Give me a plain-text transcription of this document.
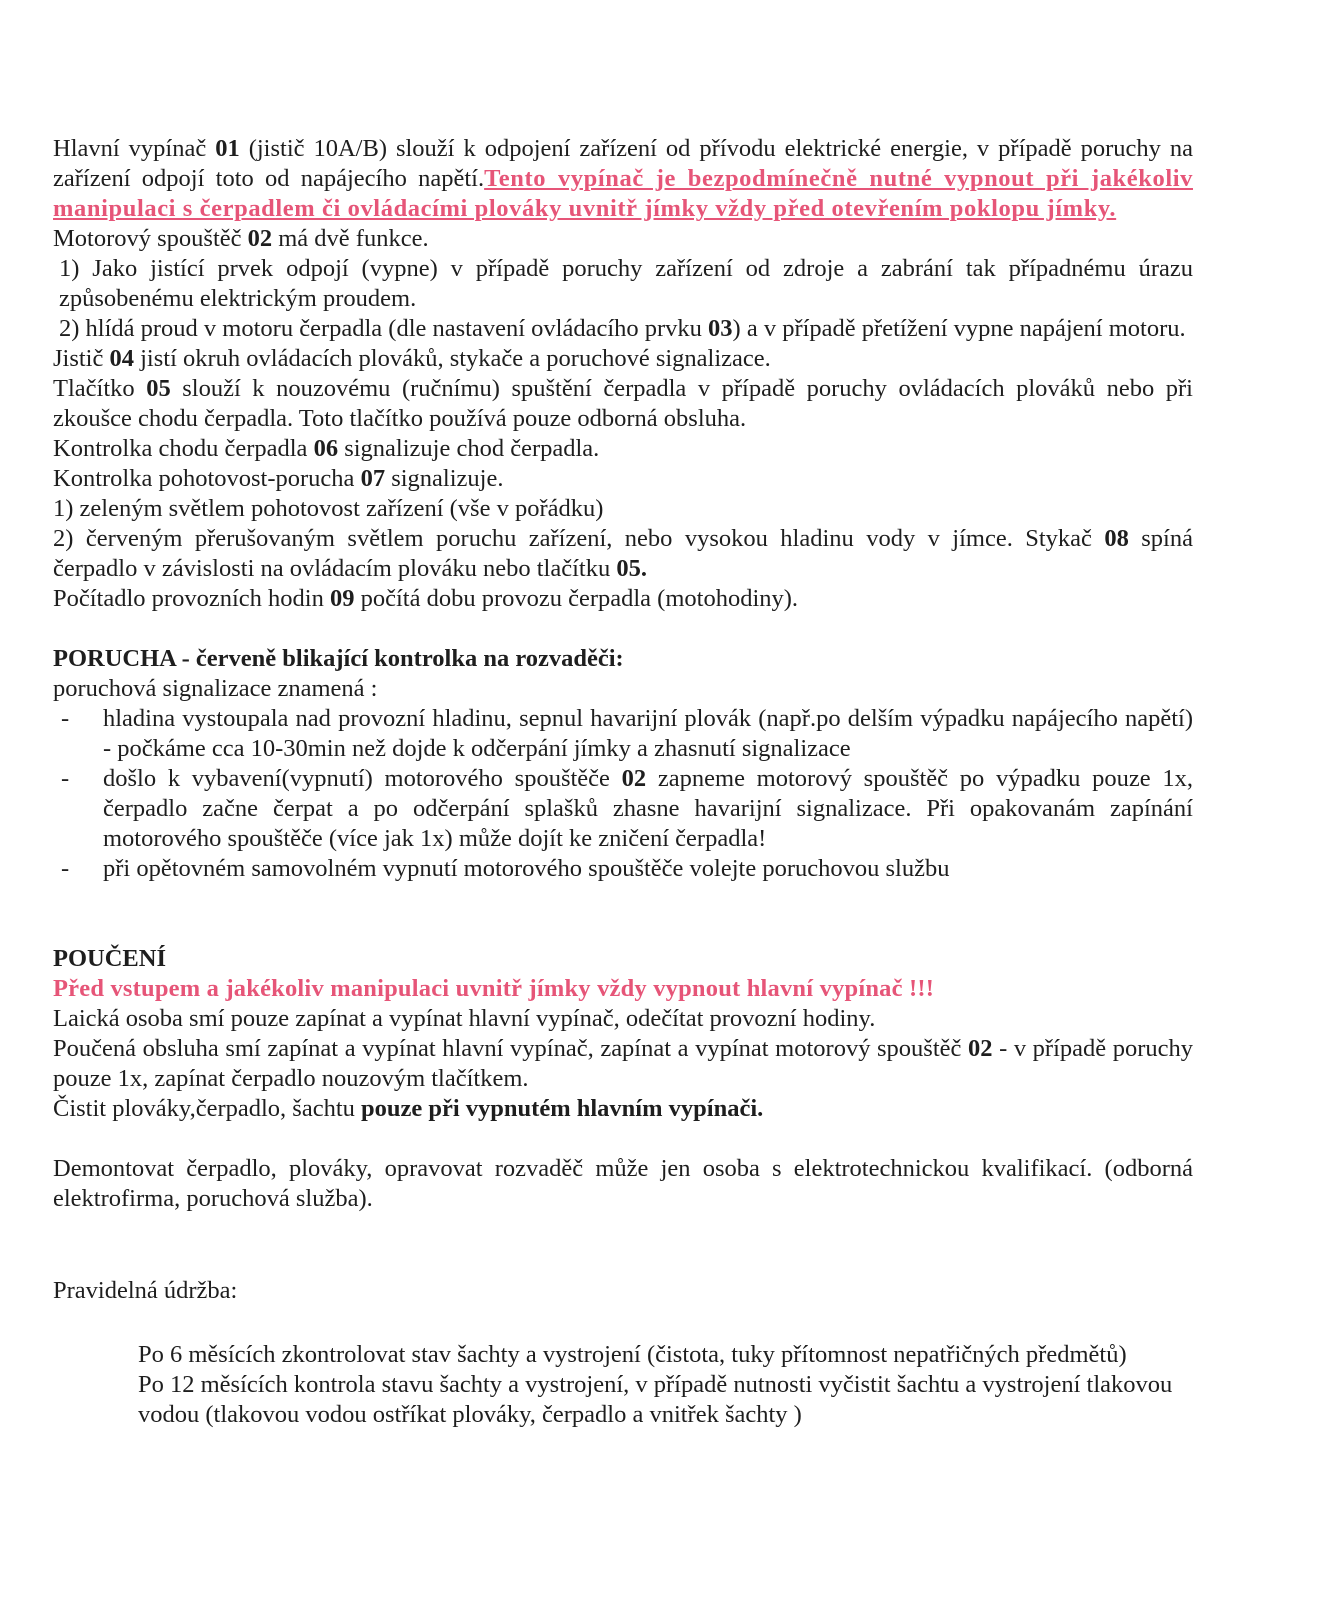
Hlavní vypínač 01 (jistič 10A/B) slouží k odpojení zařízení od přívodu elektrické energie, v případě poruchy na zařízení odpojí toto od napájecího napětí.Tento vypínač je bezpodmínečně nutné vypnout při jakékoliv manipulaci s čerpadlem či ovládacími plováky uvnitř jímky vždy před otevřením poklopu jímky.

Motorový spouštěč 02 má dvě funkce.

1) Jako jistící prvek odpojí (vypne) v případě poruchy zařízení od zdroje a zabrání tak případnému úrazu způsobenému elektrickým proudem.

2) hlídá proud v motoru čerpadla (dle nastavení ovládacího prvku 03) a v případě přetížení vypne napájení motoru.

Jistič 04 jistí okruh ovládacích plováků, stykače a poruchové signalizace.

Tlačítko 05 slouží k nouzovému (ručnímu) spuštění čerpadla v případě poruchy ovládacích plováků nebo při zkoušce chodu čerpadla. Toto tlačítko používá pouze odborná obsluha.

Kontrolka chodu čerpadla 06 signalizuje chod čerpadla.

Kontrolka pohotovost-porucha 07 signalizuje.

1) zeleným světlem pohotovost zařízení (vše v pořádku)

2) červeným přerušovaným světlem poruchu zařízení, nebo vysokou hladinu vody v jímce. Stykač 08 spíná čerpadlo v závislosti na ovládacím plováku nebo tlačítku 05.

Počítadlo provozních hodin 09 počítá dobu provozu čerpadla (motohodiny).

PORUCHA - červeně blikající kontrolka na rozvaděči:

poruchová signalizace znamená :

- hladina vystoupala nad provozní hladinu, sepnul havarijní plovák (např.po delším výpadku napájecího napětí) - počkáme cca 10-30min než dojde k odčerpání jímky a zhasnutí signalizace
- došlo k vybavení(vypnutí) motorového spouštěče 02 zapneme motorový spouštěč po výpadku pouze 1x, čerpadlo začne čerpat a po odčerpání splašků zhasne havarijní signalizace. Při opakovanám zapínání motorového spouštěče (více jak 1x) může dojít ke zničení čerpadla!
- při opětovném samovolném vypnutí motorového spouštěče volejte poruchovou službu

POUČENÍ

Před vstupem a jakékoliv manipulaci uvnitř jímky vždy vypnout hlavní vypínač !!!

Laická osoba smí pouze zapínat a vypínat hlavní vypínač, odečítat provozní hodiny.

Poučená obsluha smí zapínat a vypínat hlavní vypínač, zapínat a vypínat motorový spouštěč 02 - v případě poruchy pouze 1x, zapínat čerpadlo nouzovým tlačítkem.

Čistit plováky,čerpadlo, šachtu pouze při vypnutém hlavním vypínači.

Demontovat čerpadlo, plováky, opravovat rozvaděč může jen osoba s elektrotechnickou kvalifikací. (odborná elektrofirma, poruchová služba).

Pravidelná údržba:

Po 6 měsících zkontrolovat stav šachty a vystrojení (čistota, tuky přítomnost nepatřičných předmětů)

Po 12 měsících kontrola stavu šachty a vystrojení, v případě nutnosti vyčistit šachtu a vystrojení tlakovou vodou (tlakovou vodou ostříkat plováky, čerpadlo a vnitřek šachty )
